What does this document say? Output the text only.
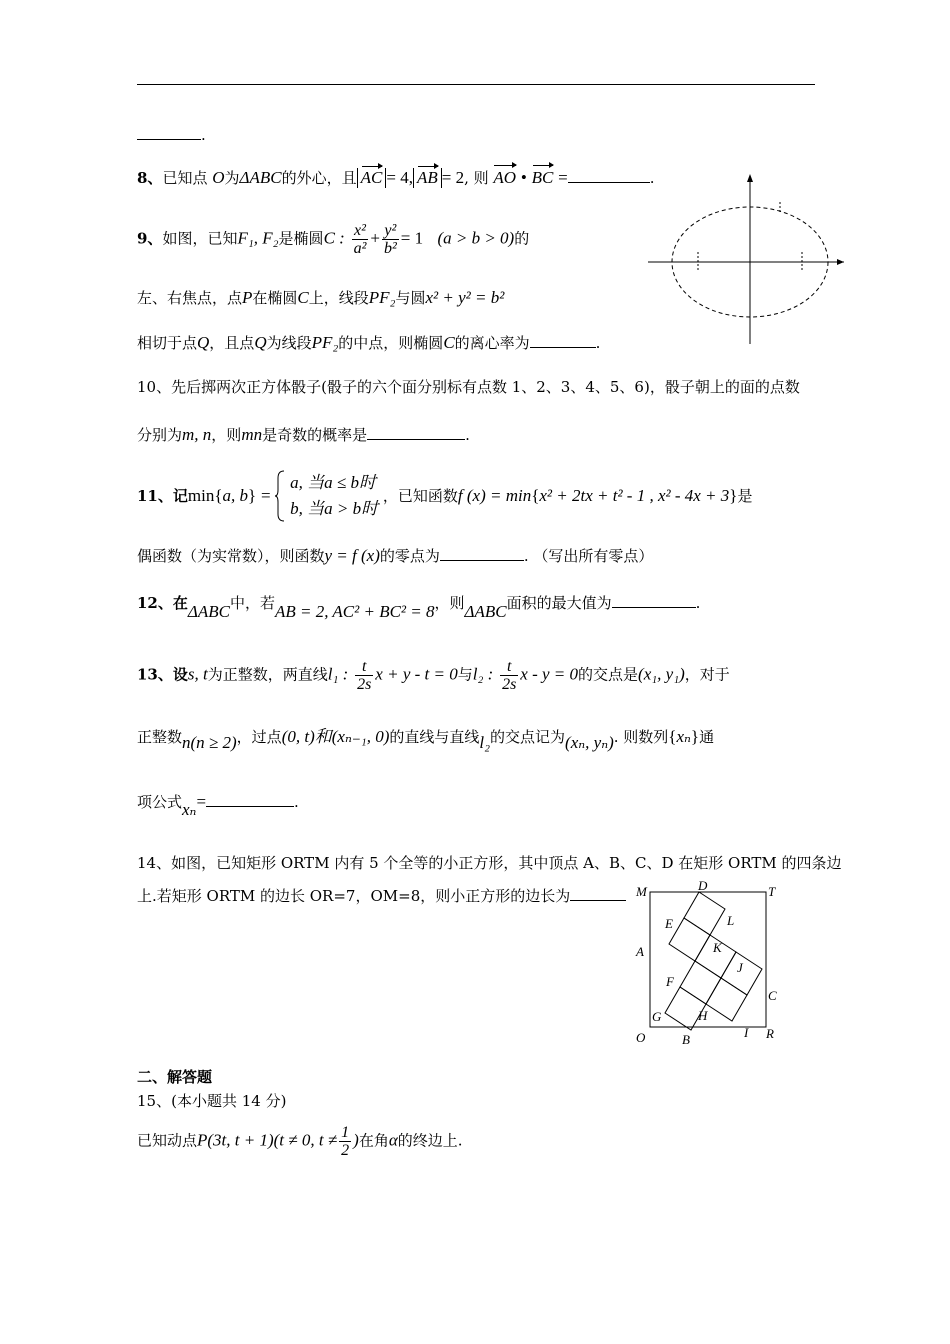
.
8、已知点 O为ΔABC的外心，且 AC = 4, AB = 2, 则 AO • BC =	.
9、如图，已知F₁, F₂是椭圆C : $\frac{\text{x²}}{\text{a²}} + \frac{\text{y²}}{\text{b²}} = 1$ (a > b > 0)的
左、右焦点，点P在椭圆C上，线段PF₂与圆x² + y² = b²
相切于点Q，且点Q为线段PF₂的中点，则椭圆C的离心率为	.
10、先后掷两次正方体骰子(骰子的六个面分别标有点数 1、2、3、4、5、6)，骰子朝上的面的点数
分别为m, n，则mn是奇数的概率是	.
11、记min{a, b} =
a, 当a ≤ b时
b, 当a > b时
，已知函数f (x) = min{x² + 2tx + t² - 1 , x² - 4x + 3}是
偶函数（为实常数），则函数y = f (x)的零点为	. （写出所有零点）
12、在ΔABC中，若AB = 2, AC² + BC² = 8，则ΔABC面积的最大值为	.
13、设s, t为正整数，两直线l₁ : $\frac{t}{2s}$ x + y - t = 0与l₂ : $\frac{t}{2s}$ x - y = 0的交点是(x₁, y₁)，对于
正整数n(n ≥ 2)，过点(0, t)和(xₙ₋₁, 0)的直线与直线l₂的交点记为(xₙ, yₙ). 则数列{xₙ}通
项公式xₙ=	.
14、如图，已知矩形 ORTM 内有 5 个全等的小正方形，其中顶点 A、B、C、D 在矩形 ORTM 的四条边
上.若矩形 ORTM 的边长 OR=7，OM=8，则小正方形的边长为	M	D	T
E	L
A	K
J
F
C
G	H
I
O	B	R
二、解答题
15、(本小题共 14 分)
已知动点P(3t, t + 1)(t ≠ 0, $t \ne \frac{1}{2}$ )在角α的终边上.
